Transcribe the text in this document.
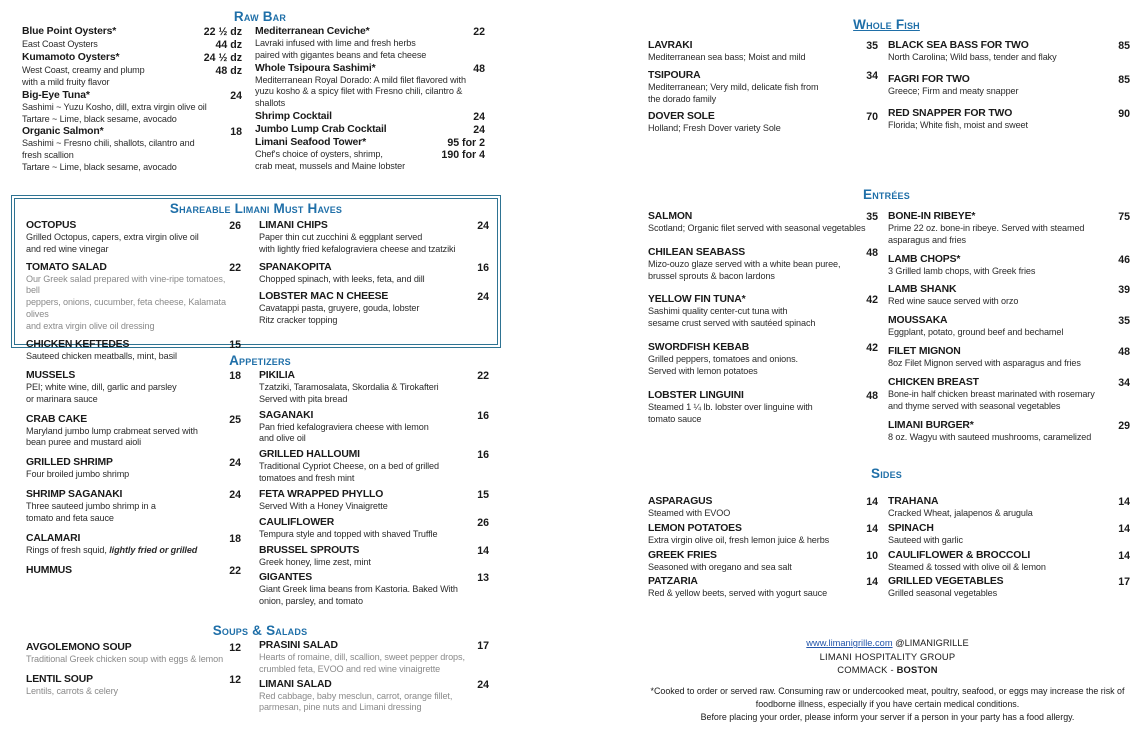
Raw Bar
Blue Point Oysters*	22 ½ dz
East Coast Oysters	44 dz
Kumamoto Oysters*	24 ½ dz
West Coast, creamy and plump	48 dz
with a mild fruity flavor
Big-Eye Tuna*	24
Sashimi ~ Yuzu Kosho, dill, extra virgin olive oil
Tartare ~ Lime, black sesame, avocado
Organic Salmon*	18
Sashimi ~ Fresno chili, shallots, cilantro and
fresh scallion
Tartare ~ Lime, black sesame, avocado
Mediterranean Ceviche*	22
Lavraki infused with lime and fresh herbs
paired with gigantes beans and feta cheese
Whole Tsipoura Sashimi*	48
Mediterranean Royal Dorado: A mild filet flavored with
yuzu kosho & a spicy filet with Fresno chili, cilantro &
shallots
Shrimp Cocktail	24
Jumbo Lump Crab Cocktail	24
Limani Seafood Tower*	95 for 2
Chef's choice of oysters, shrimp,	190 for 4
crab meat, mussels and Maine lobster
Shareable Limani Must Haves
OCTOPUS	26
Grilled Octopus, capers, extra virgin olive oil
and red wine vinegar
TOMATO SALAD	22
Our Greek salad prepared with vine-ripe tomatoes, bell
peppers, onions, cucumber, feta cheese, Kalamata olives
and extra virgin olive oil dressing
CHICKEN KEFTEDES	15
Sauteed chicken meatballs, mint, basil
LIMANI CHIPS	24
Paper thin cut zucchini & eggplant served
with lightly fried kefalograviera cheese and tzatziki
SPANAKOPITA	16
Chopped spinach, with leeks, feta, and dill
LOBSTER MAC N CHEESE	24
Cavatappi pasta, gruyere, gouda, lobster
Ritz cracker topping
Appetizers
MUSSELS	18
PEI; white wine, dill, garlic and parsley
or marinara sauce
CRAB CAKE	25
Maryland jumbo lump crabmeat served with
bean puree and mustard aioli
GRILLED SHRIMP	24
Four broiled jumbo shrimp
SHRIMP SAGANAKI	24
Three sauteed jumbo shrimp in a
tomato and feta sauce
CALAMARI	18
Rings of fresh squid, lightly fried or grilled
HUMMUS	22
PIKILIA	22
Tzatziki, Taramosalata, Skordalia & Tirokafteri
Served with pita bread
SAGANAKI	16
Pan fried kefalograviera cheese with lemon
and olive oil
GRILLED HALLOUMI	16
Traditional Cypriot Cheese, on a bed of grilled
tomatoes and fresh mint
FETA WRAPPED PHYLLO	15
Served With a Honey Vinaigrette
CAULIFLOWER	26
Tempura style and topped with shaved Truffle
BRUSSEL SPROUTS	14
Greek honey, lime zest, mint
GIGANTES	13
Giant Greek lima beans from Kastoria. Baked With
onion, parsley, and tomato
Soups & Salads
AVGOLEMONO SOUP	12
Traditional Greek chicken soup with eggs & lemon
LENTIL SOUP	12
Lentils, carrots & celery
PRASINI SALAD	17
Hearts of romaine, dill, scallion, sweet pepper drops,
crumbled feta, EVOO and red wine vinaigrette
LIMANI SALAD	24
Red cabbage, baby mesclun, carrot, orange fillet,
parmesan, pine nuts and Limani dressing
Whole Fish
LAVRAKI	35
Mediterranean sea bass; Moist and mild
TSIPOURA	34
Mediterranean; Very mild, delicate fish from
the dorado family
DOVER SOLE	70
Holland; Fresh Dover variety Sole
BLACK SEA BASS FOR TWO	85
North Carolina; Wild bass, tender and flaky
FAGRI FOR TWO	85
Greece; Firm and meaty snapper
RED SNAPPER FOR TWO	90
Florida; White fish, moist and sweet
Entrées
SALMON	35
Scotland; Organic filet served with seasonal vegetables
CHILEAN SEABASS	48
Mizo-ouzo glaze served with a white bean puree,
brussel sprouts & bacon lardons
YELLOW FIN TUNA*	42
Sashimi quality center-cut tuna with
sesame crust served with sautéed spinach
SWORDFISH KEBAB	42
Grilled peppers, tomatoes and onions.
Served with lemon potatoes
LOBSTER LINGUINI	48
Steamed 1 ¼ lb. lobster over linguine with
tomato sauce
BONE-IN RIBEYE*	75
Prime 22 oz. bone-in ribeye. Served with steamed
asparagus and fries
LAMB CHOPS*	46
3 Grilled lamb chops, with Greek fries
LAMB SHANK	39
Red wine sauce served with orzo
MOUSSAKA	35
Eggplant, potato, ground beef and bechamel
FILET MIGNON	48
8oz Filet Mignon served with asparagus and fries
CHICKEN BREAST	34
Bone-in half chicken breast marinated with rosemary
and thyme served with seasonal vegetables
LIMANI BURGER*	29
8 oz. Wagyu with sauteed mushrooms, caramelized
Sides
ASPARAGUS	14
Steamed with EVOO
LEMON POTATOES	14
Extra virgin olive oil, fresh lemon juice & herbs
GREEK FRIES	10
Seasoned with oregano and sea salt
PATZARIA	14
Red & yellow beets, served with yogurt sauce
TRAHANA	14
Cracked Wheat, jalapenos & arugula
SPINACH	14
Sauteed with garlic
CAULIFLOWER & BROCCOLI	14
Steamed & tossed with olive oil & lemon
GRILLED VEGETABLES	17
Grilled seasonal vegetables
www.limanigrille.com @LIMANIGRILLE
LIMANI HOSPITALITY GROUP
COMMACK - BOSTON
*Cooked to order or served raw. Consuming raw or undercooked meat, poultry, seafood, or eggs may increase the risk of
foodborne illness, especially if you have certain medical conditions.
Before placing your order, please inform your server if a person in your party has a food allergy.
